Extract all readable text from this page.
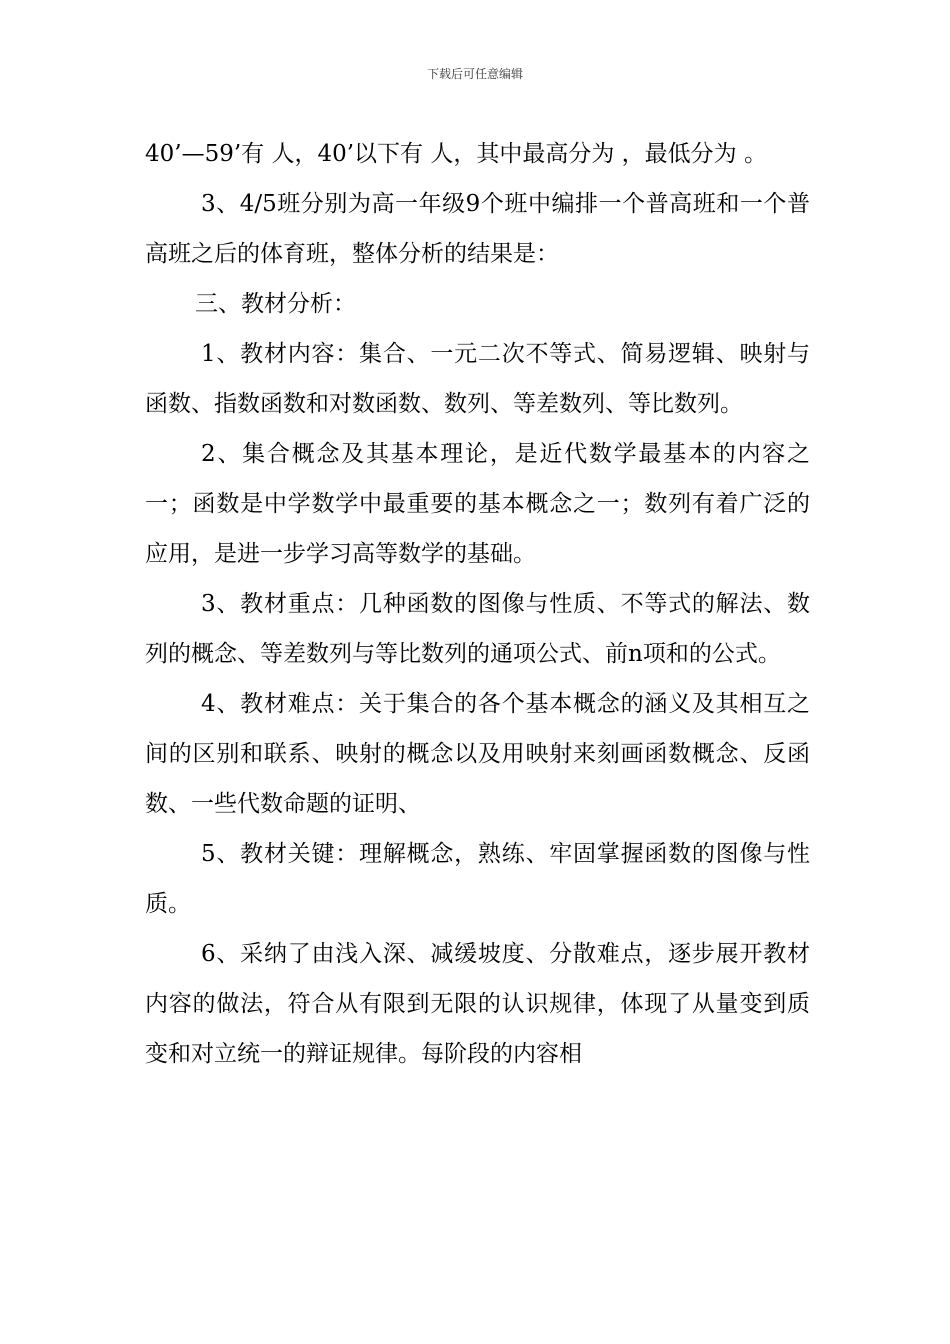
下载后可任意编辑

40’—59’有 人，40’以下有 人，其中最高分为 ，最低分为 。

3、4/5班分别为高一年级9个班中编排一个普高班和一个普高班之后的体育班，整体分析的结果是：

三、教材分析：

1、教材内容：集合、一元二次不等式、简易逻辑、映射与函数、指数函数和对数函数、数列、等差数列、等比数列。

2、集合概念及其基本理论，是近代数学最基本的内容之一；函数是中学数学中最重要的基本概念之一；数列有着广泛的应用，是进一步学习高等数学的基础。

3、教材重点：几种函数的图像与性质、不等式的解法、数列的概念、等差数列与等比数列的通项公式、前n项和的公式。

4、教材难点：关于集合的各个基本概念的涵义及其相互之间的区别和联系、映射的概念以及用映射来刻画函数概念、反函数、一些代数命题的证明、

5、教材关键：理解概念，熟练、牢固掌握函数的图像与性质。

6、采纳了由浅入深、减缓坡度、分散难点，逐步展开教材内容的做法，符合从有限到无限的认识规律，体现了从量变到质变和对立统一的辩证规律。每阶段的内容相
